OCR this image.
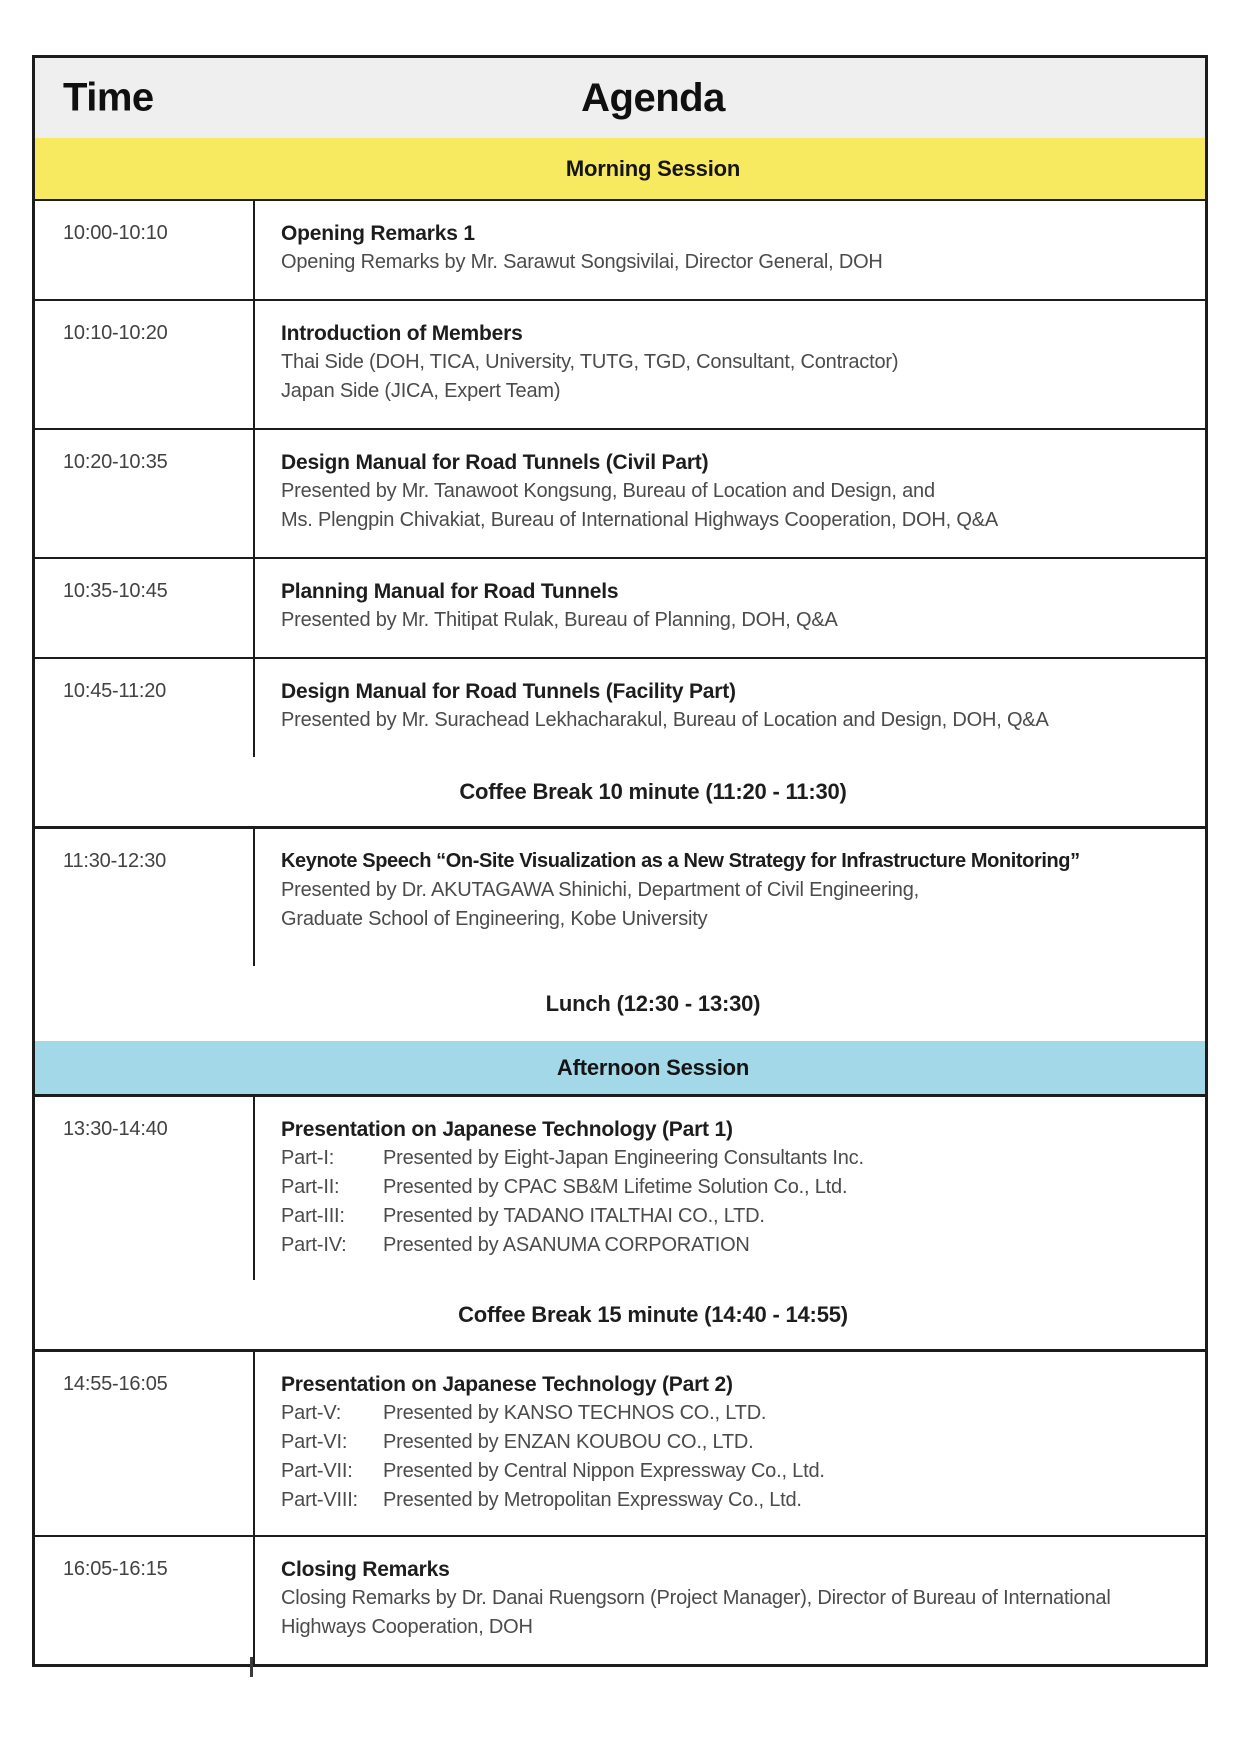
Time	Agenda
Morning Session
10:00-10:10	Opening Remarks 1
Opening Remarks by Mr. Sarawut Songsivilai, Director General, DOH
10:10-10:20	Introduction of Members
Thai Side (DOH, TICA, University, TUTG, TGD, Consultant, Contractor)
Japan Side (JICA, Expert Team)
10:20-10:35	Design Manual for Road Tunnels (Civil Part)
Presented by Mr. Tanawoot Kongsung, Bureau of Location and Design, and
Ms. Plengpin Chivakiat, Bureau of International Highways Cooperation, DOH, Q&A
10:35-10:45	Planning Manual for Road Tunnels
Presented by Mr. Thitipat Rulak, Bureau of Planning, DOH, Q&A
10:45-11:20	Design Manual for Road Tunnels (Facility Part)
Presented by Mr. Surachead Lekhacharakul, Bureau of Location and Design, DOH, Q&A
Coffee Break 10 minute (11:20 - 11:30)
11:30-12:30	Keynote Speech “On-Site Visualization as a New Strategy for Infrastructure Monitoring”
Presented by Dr. AKUTAGAWA Shinichi, Department of Civil Engineering,
Graduate School of Engineering, Kobe University
Lunch (12:30 - 13:30)
Afternoon Session
13:30-14:40	Presentation on Japanese Technology (Part 1)
Part-I: Presented by Eight-Japan Engineering Consultants Inc.
Part-II: Presented by CPAC SB&M Lifetime Solution Co., Ltd.
Part-III: Presented by TADANO ITALTHAI CO., LTD.
Part-IV: Presented by ASANUMA CORPORATION
Coffee Break 15 minute (14:40 - 14:55)
14:55-16:05	Presentation on Japanese Technology (Part 2)
Part-V: Presented by KANSO TECHNOS CO., LTD.
Part-VI: Presented by ENZAN KOUBOU CO., LTD.
Part-VII: Presented by Central Nippon Expressway Co., Ltd.
Part-VIII: Presented by Metropolitan Expressway Co., Ltd.
16:05-16:15	Closing Remarks
Closing Remarks by Dr. Danai Ruengsorn (Project Manager), Director of Bureau of International
Highways Cooperation, DOH
